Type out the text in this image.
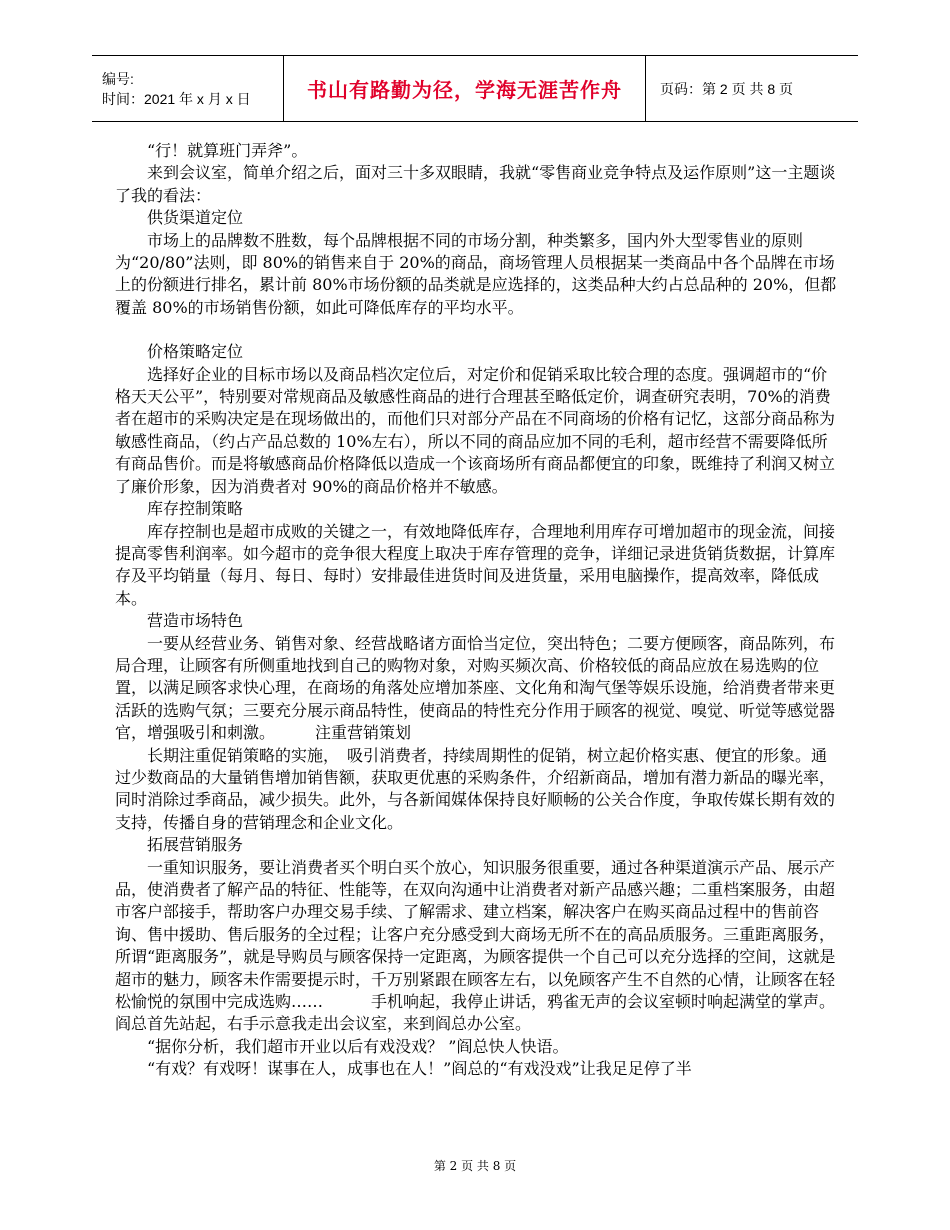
编号:
时间：2021 年 x 月 x 日	书山有路勤为径，学海无涯苦作舟	页码：第 2 页 共 8 页

“行！就算班门弄斧”。

来到会议室，简单介绍之后，面对三十多双眼睛，我就“零售商业竞争特点及运作原则”这一主题谈了我的看法：

供货渠道定位

市场上的品牌数不胜数，每个品牌根据不同的市场分割，种类繁多，国内外大型零售业的原则为“20/80”法则，即 80%的销售来自于 20%的商品，商场管理人员根据某一类商品中各个品牌在市场上的份额进行排名，累计前 80%市场份额的品类就是应选择的，这类品种大约占总品种的 20%，但都覆盖 80%的市场销售份额，如此可降低库存的平均水平。

价格策略定位

选择好企业的目标市场以及商品档次定位后，对定价和促销采取比较合理的态度。强调超市的“价格天天公平”，特别要对常规商品及敏感性商品的进行合理甚至略低定价，调查研究表明，70%的消费者在超市的采购决定是在现场做出的，而他们只对部分产品在不同商场的价格有记忆，这部分商品称为敏感性商品，（约占产品总数的 10%左右），所以不同的商品应加不同的毛利，超市经营不需要降低所有商品售价。而是将敏感商品价格降低以造成一个该商场所有商品都便宜的印象，既维持了利润又树立了廉价形象，因为消费者对 90%的商品价格并不敏感。

库存控制策略

库存控制也是超市成败的关键之一，有效地降低库存，合理地利用库存可增加超市的现金流，间接提高零售利润率。如今超市的竞争很大程度上取决于库存管理的竞争，详细记录进货销货数据，计算库存及平均销量（每月、每日、每时）安排最佳进货时间及进货量，采用电脑操作，提高效率，降低成本。

营造市场特色

一要从经营业务、销售对象、经营战略诸方面恰当定位，突出特色；二要方便顾客，商品陈列，布局合理，让顾客有所侧重地找到自己的购物对象，对购买频次高、价格较低的商品应放在易选购的位置，以满足顾客求快心理，在商场的角落处应增加茶座、文化角和淘气堡等娱乐设施，给消费者带来更活跃的选购气氛；三要充分展示商品特性，使商品的特性充分作用于顾客的视觉、嗅觉、听觉等感觉器官，增强吸引和刺激。　　　注重营销策划

长期注重促销策略的实施，　吸引消费者，持续周期性的促销，树立起价格实惠、便宜的形象。通过少数商品的大量销售增加销售额，获取更优惠的采购条件，介绍新商品，增加有潜力新品的曝光率，同时消除过季商品，减少损失。此外，与各新闻媒体保持良好顺畅的公关合作度，争取传媒长期有效的支持，传播自身的营销理念和企业文化。

拓展营销服务

一重知识服务，要让消费者买个明白买个放心，知识服务很重要，通过各种渠道演示产品、展示产品，使消费者了解产品的特征、性能等，在双向沟通中让消费者对新产品感兴趣；二重档案服务，由超市客户部接手，帮助客户办理交易手续、了解需求、建立档案，解决客户在购买商品过程中的售前咨询、售中援助、售后服务的全过程；让客户充分感受到大商场无所不在的高品质服务。三重距离服务，所谓“距离服务”，就是导购员与顾客保持一定距离，为顾客提供一个自己可以充分选择的空间，这就是超市的魅力，顾客未作需要提示时，千万别紧跟在顾客左右，以免顾客产生不自然的心情，让顾客在轻松愉悦的氛围中完成选购……　　　手机响起，我停止讲话，鸦雀无声的会议室顿时响起满堂的掌声。阎总首先站起，右手示意我走出会议室，来到阎总办公室。

“据你分析，我们超市开业以后有戏没戏？ ”阎总快人快语。

“有戏？有戏呀！谋事在人，成事也在人！”阎总的“有戏没戏”让我足足停了半

第 2 页 共 8 页
